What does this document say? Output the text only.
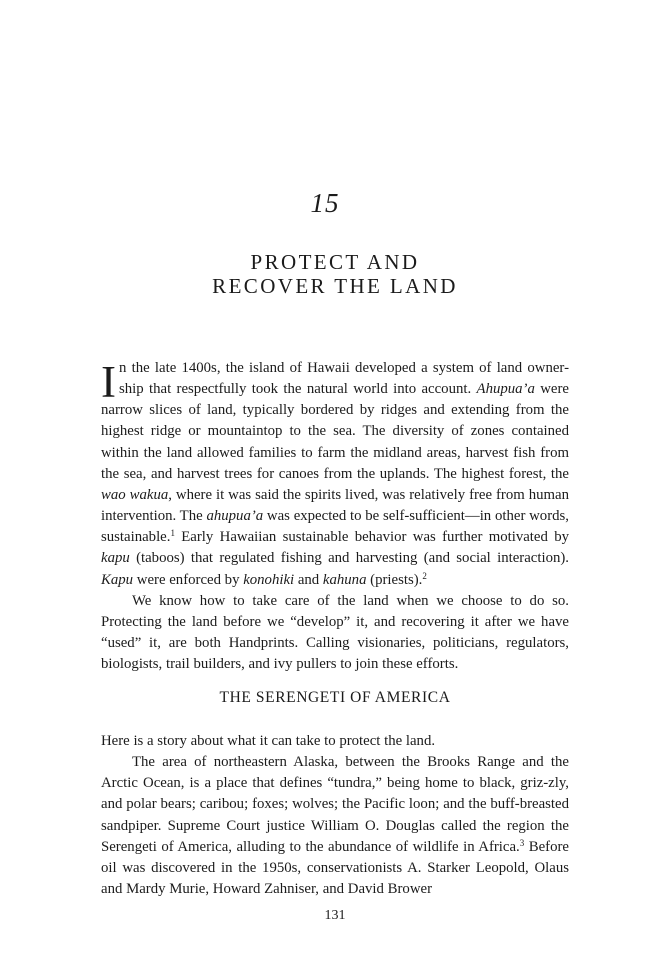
15
PROTECT AND
RECOVER THE LAND

In the late 1400s, the island of Hawaii developed a system of land owner-ship that respectfully took the natural world into account. Ahupua’a were narrow slices of land, typically bordered by ridges and extending from the highest ridge or mountaintop to the sea. The diversity of zones contained within the land allowed families to farm the midland areas, harvest fish from the sea, and harvest trees for canoes from the uplands. The highest forest, the wao wakua, where it was said the spirits lived, was relatively free from human intervention. The ahupua’a was expected to be self-sufficient—in other words, sustainable.$^1$ Early Hawaiian sustainable behavior was further motivated by kapu (taboos) that regulated fishing and harvesting (and social interaction). Kapu were enforced by konohiki and kahuna (priests).$^2$

We know how to take care of the land when we choose to do so. Protecting the land before we “develop” it, and recovering it after we have “used” it, are both Handprints. Calling visionaries, politicians, regulators, biologists, trail builders, and ivy pullers to join these efforts.

THE SERENGETI OF AMERICA

Here is a story about what it can take to protect the land.

The area of northeastern Alaska, between the Brooks Range and the Arctic Ocean, is a place that defines “tundra,” being home to black, griz-zly, and polar bears; caribou; foxes; wolves; the Pacific loon; and the buff-breasted sandpiper. Supreme Court justice William O. Douglas called the region the Serengeti of America, alluding to the abundance of wildlife in Africa.$^3$ Before oil was discovered in the 1950s, conservationists A. Starker Leopold, Olaus and Mardy Murie, Howard Zahniser, and David Brower

131
